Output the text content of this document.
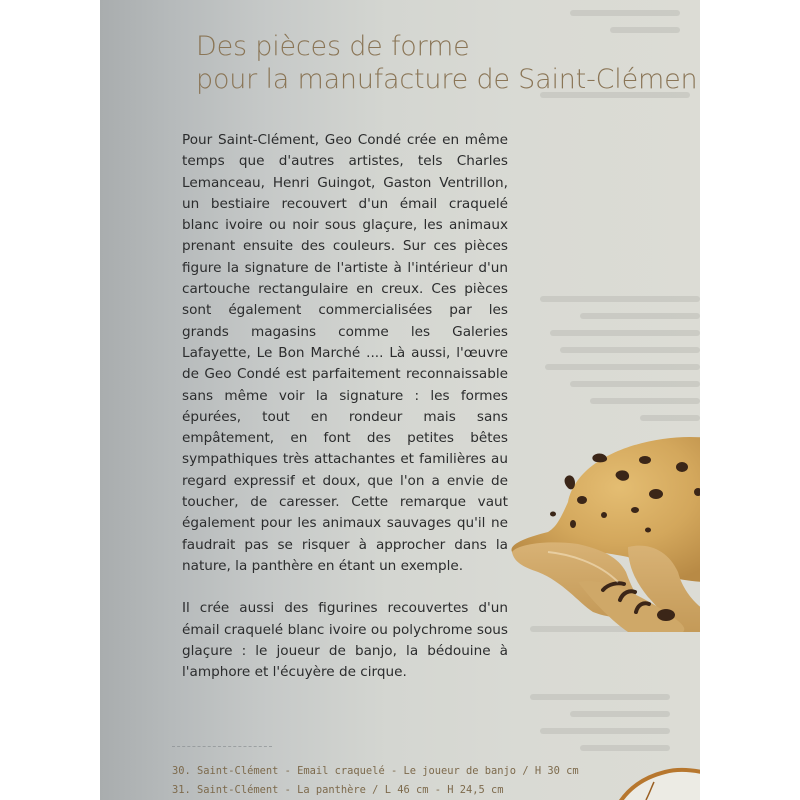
Des pièces de forme
pour la manufacture de Saint-Clémen

Pour Saint-Clément, Geo Condé crée en même temps que d'autres artistes, tels Charles Lemanceau, Henri Guingot, Gaston Ventrillon, un bestiaire recouvert d'un émail craquelé blanc ivoire ou noir sous glaçure, les animaux prenant ensuite des couleurs. Sur ces pièces figure la signature de l'artiste à l'intérieur d'un cartouche rectangulaire en creux. Ces pièces sont également commercialisées par les grands magasins comme les Galeries Lafayette, Le Bon Marché .... Là aussi, l'œuvre de Geo Condé est parfaitement reconnaissable sans même voir la signature : les formes épurées, tout en rondeur mais sans empâtement, en font des petites bêtes sympathiques très attachantes et familières au regard expressif et doux, que l'on a envie de toucher, de caresser. Cette remarque vaut également pour les animaux sauvages qu'il ne faudrait pas se risquer à approcher dans la nature, la panthère en étant un exemple.

Il crée aussi des figurines recouvertes d'un émail craquelé blanc ivoire ou polychrome sous glaçure : le joueur de banjo, la bédouine à l'amphore et l'écuyère de cirque.

30. Saint-Clément - Email craquelé - Le joueur de banjo / H 30 cm
31. Saint-Clément - La panthère / L 46 cm - H 24,5 cm
